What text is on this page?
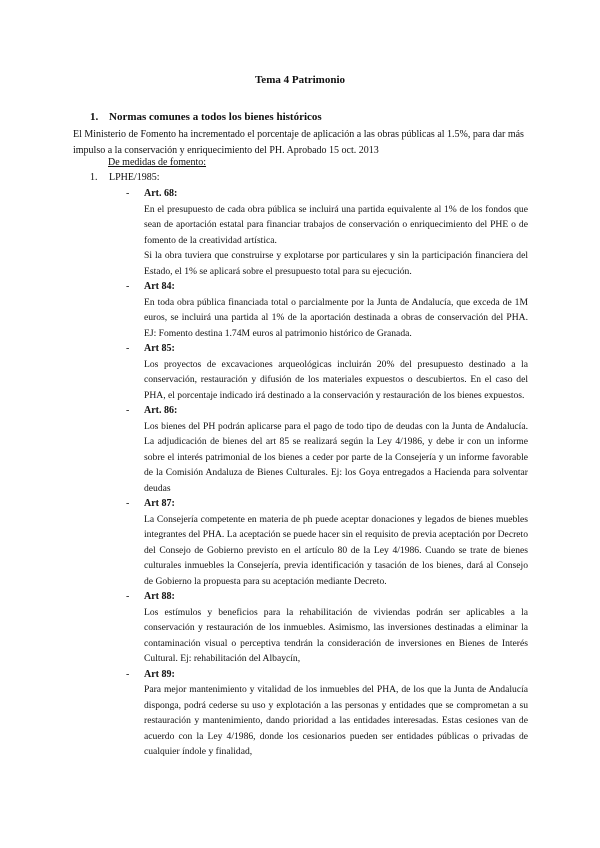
Tema 4 Patrimonio
1. Normas comunes a todos los bienes históricos
El Ministerio de Fomento ha incrementado el porcentaje de aplicación a las obras públicas al 1.5%, para dar más impulso a la conservación y enriquecimiento del PH. Aprobado 15 oct. 2013
De medidas de fomento:
1. LPHE/1985:
- Art. 68:

En el presupuesto de cada obra pública se incluirá una partida equivalente al 1% de los fondos que sean de aportación estatal para financiar trabajos de conservación o enriquecimiento del PHE o de fomento de la creatividad artística.

Si la obra tuviera que construirse y explotarse por particulares y sin la participación financiera del Estado, el 1% se aplicará sobre el presupuesto total para su ejecución.

- Art 84:

En toda obra pública financiada total o parcialmente por la Junta de Andalucía, que exceda de 1M euros, se incluirá una partida al 1% de la aportación destinada a obras de conservación del PHA. EJ: Fomento destina 1.74M euros al patrimonio histórico de Granada.

- Art 85:

Los proyectos de excavaciones arqueológicas incluirán 20% del presupuesto destinado a la conservación, restauración y difusión de los materiales expuestos o descubiertos. En el caso del PHA, el porcentaje indicado irá destinado a la conservación y restauración de los bienes expuestos.

- Art. 86:

Los bienes del PH podrán aplicarse para el pago de todo tipo de deudas con la Junta de Andalucía. La adjudicación de bienes del art 85 se realizará según la Ley 4/1986, y debe ir con un informe sobre el interés patrimonial de los bienes a ceder por parte de la Consejería y un informe favorable de la Comisión Andaluza de Bienes Culturales. Ej: los Goya entregados a Hacienda para solventar deudas

- Art 87:

La Consejería competente en materia de ph puede aceptar donaciones y legados de bienes muebles integrantes del PHA. La aceptación se puede hacer sin el requisito de previa aceptación por Decreto del Consejo de Gobierno previsto en el artículo 80 de la Ley 4/1986. Cuando se trate de bienes culturales inmuebles la Consejería, previa identificación y tasación de los bienes, dará al Consejo de Gobierno la propuesta para su aceptación mediante Decreto.

- Art 88:

Los estímulos y beneficios para la rehabilitación de viviendas podrán ser aplicables a la conservación y restauración de los inmuebles. Asimismo, las inversiones destinadas a eliminar la contaminación visual o perceptiva tendrán la consideración de inversiones en Bienes de Interés Cultural. Ej: rehabilitación del Albaycín,

- Art 89:

Para mejor mantenimiento y vitalidad de los inmuebles del PHA, de los que la Junta de Andalucía disponga, podrá cederse su uso y explotación a las personas y entidades que se comprometan a su restauración y mantenimiento, dando prioridad a las entidades interesadas. Estas cesiones van de acuerdo con la Ley 4/1986, donde los cesionarios pueden ser entidades públicas o privadas de cualquier índole y finalidad,
